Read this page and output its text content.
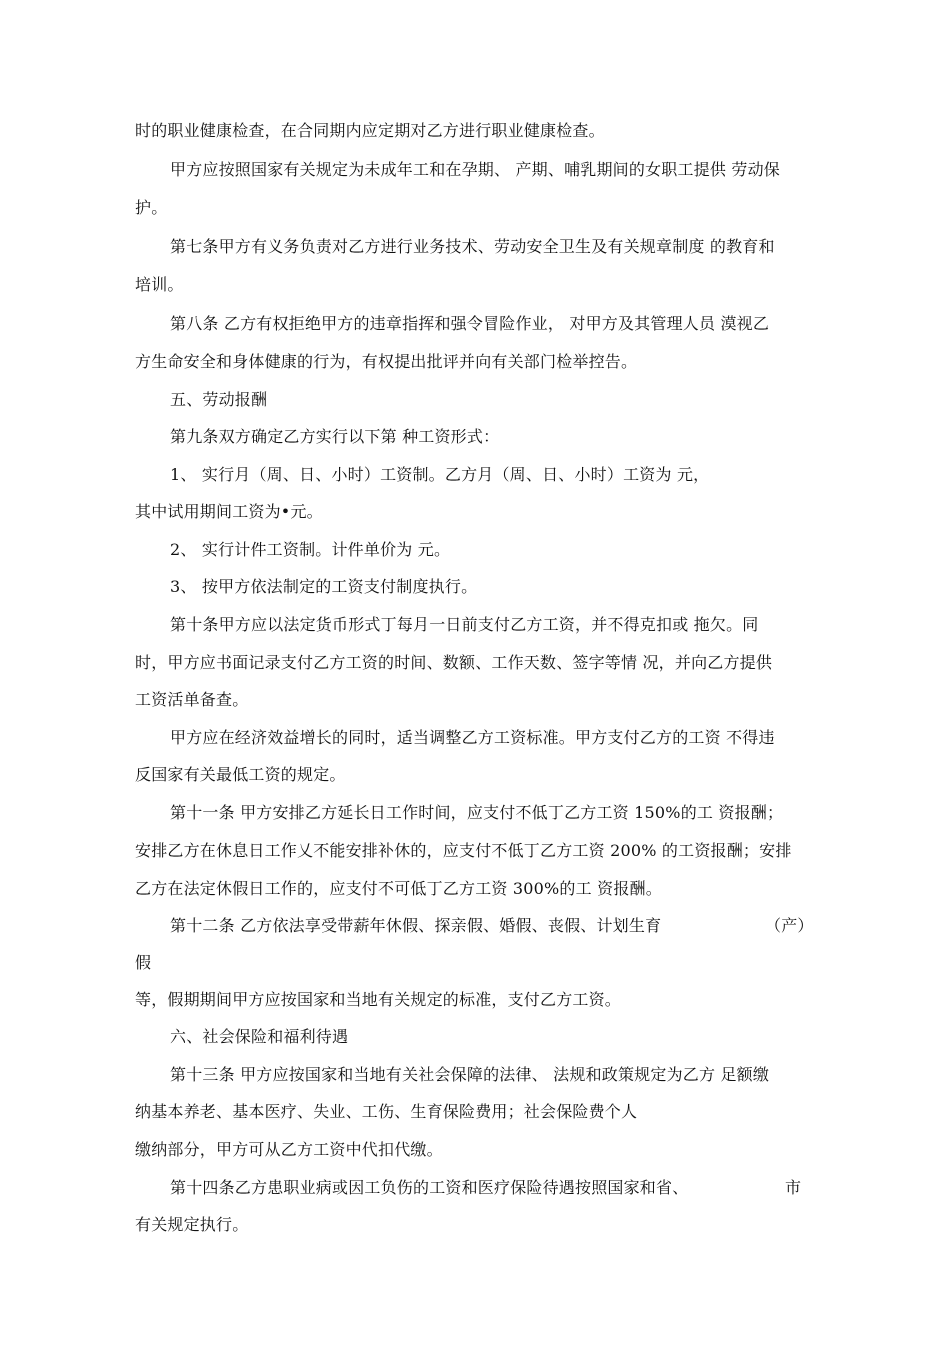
时的职业健康检查，在合同期内应定期对乙方进行职业健康检查。
甲方应按照国家有关规定为未成年工和在孕期、 产期、哺乳期间的女职工提供 劳动保
护。
第七条甲方有义务负责对乙方进行业务技术、劳动安全卫生及有关规章制度 的教育和
培训。
第八条 乙方有权拒绝甲方的违章指挥和强令冒险作业， 对甲方及其管理人员 漠视乙
方生命安全和身体健康的行为，有权提出批评并向有关部门检举控告。
五、劳动报酬
第九条双方确定乙方实行以下第 种工资形式：
1、 实行月（周、日、小时）工资制。乙方月（周、日、小时）工资为 元，
其中试用期间工资为•元。
2、 实行计件工资制。计件单价为 元。
3、 按甲方依法制定的工资支付制度执行。
第十条甲方应以法定货币形式丁每月一日前支付乙方工资，并不得克扣或 拖欠。同
时，甲方应书面记录支付乙方工资的时间、数额、工作天数、签字等情 况，并向乙方提供
工资活单备查。
甲方应在经济效益增长的同时，适当调整乙方工资标准。甲方支付乙方的工资 不得违
反国家有关最低工资的规定。
第十一条 甲方安排乙方延长日工作时间，应支付不低丁乙方工资 150%的工 资报酬；
安排乙方在休息日工作乂不能安排补休的，应支付不低丁乙方工资 200% 的工资报酬；安排
乙方在法定休假日工作的，应支付不可低丁乙方工资 300%的工 资报酬。
第十二条 乙方依法享受带薪年休假、探亲假、婚假、丧假、计划生育	（产）
假
等，假期期间甲方应按国家和当地有关规定的标准，支付乙方工资。
六、社会保险和福利待遇
第十三条 甲方应按国家和当地有关社会保障的法律、 法规和政策规定为乙方 足额缴
纳基本养老、基本医疗、失业、工伤、生育保险费用；社会保险费个人
缴纳部分，甲方可从乙方工资中代扣代缴。
第十四条乙方患职业病或因工负伤的工资和医疗保险待遇按照国家和省、	市
有关规定执行。
